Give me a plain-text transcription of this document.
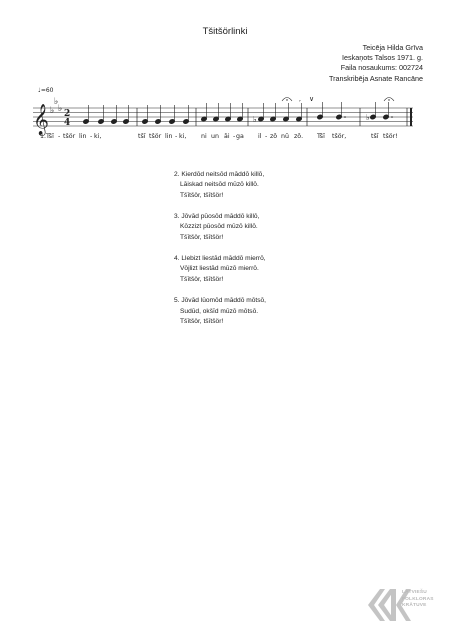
Tšitšörlinki
Teicēja Hilda Grīva
Ieskaņots Talsos 1971. g.
Faila nosaukums: 002724
Transkribēja Asnate Rancāne
𝄞 ♭
♭
♭ 2
4
♩=60
♭	♭
∨
,
1.Tšī - tšör lin - ki,	tšī tšör lin - ki, ni un āi - ga il - zō nū zō. Tšī tšör,	tšī tšör!
2. Kierdōd neitsōd māddō killō,
Lāiskad neitsōd mūzō killō.
Tšītšör, tšītšör!
3. Jōvād pūosōd māddō killō,
Kōzzizt pūosōd mūzō killō.
Tšītšör, tšītšör!
4. Llebizt liestād māddō mierrō,
Vōjlizt liestād mūzō mierrō.
Tšītšör, tšītšör!
5. Jōvād lūomōd māddō mōtsō,
Sudūd, okšīd mūzō mōtsō.
Tšītšör, tšītšör!
LATVIEŠU
FOLKLORAS
KRĀTUVE
